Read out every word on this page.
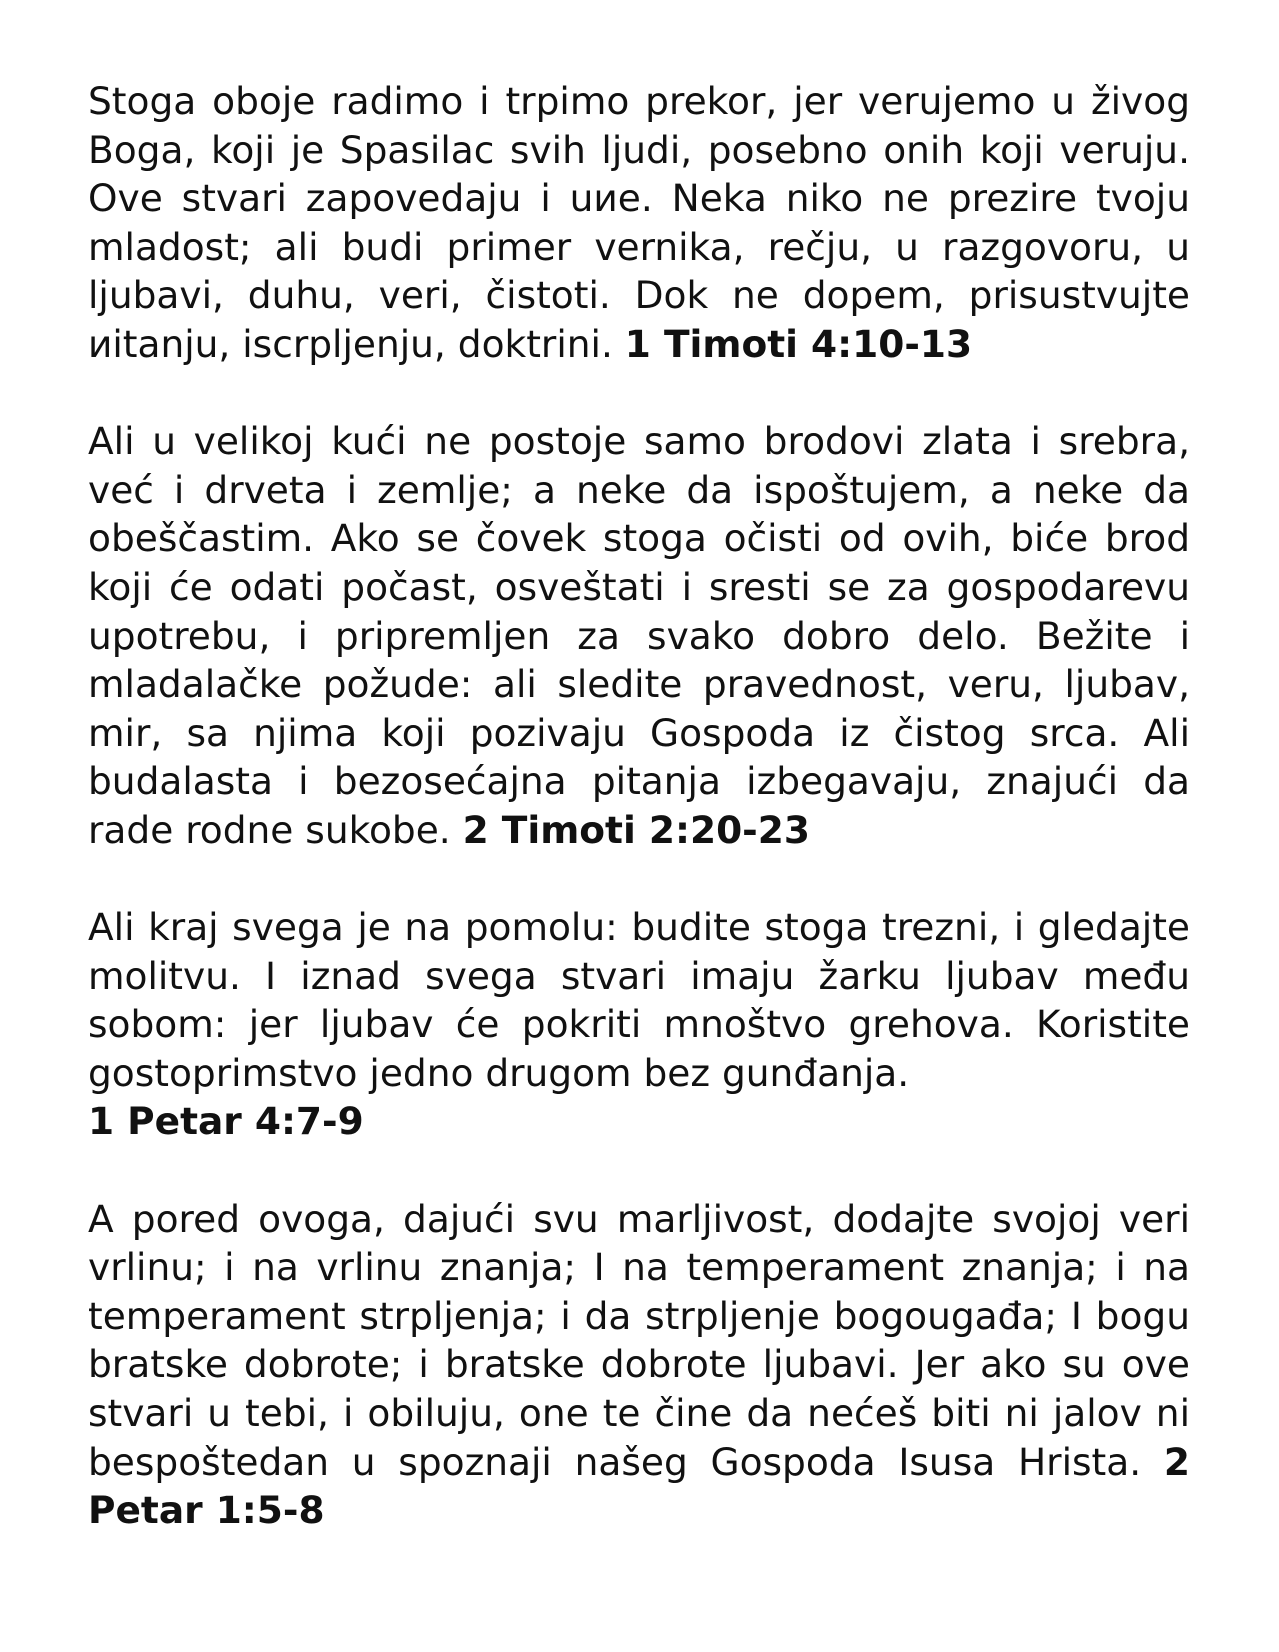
Stoga oboje radimo i trpimo prekor, jer verujemo u živog Boga, koji je Spasilac svih ljudi, posebno onih koji veruju. Ove stvari zapovedaju i uие. Neka niko ne prezire tvoju mladost; ali budi primer vernika, rečju, u razgovoru, u ljubavi, duhu, veri, čistoti. Dok ne dopem, prisustvujte иitanju, iscrpljenju, doktrini. 1 Timoti 4:10-13

Ali u velikoj kući ne postoje samo brodovi zlata i srebra, već i drveta i zemlje; a neke da ispoštujem, a neke da obeščastim. Ako se čovek stoga očisti od ovih, biće brod koji će odati počast, osveštati i sresti se za gospodarevu upotrebu, i pripremljen za svako dobro delo. Bežite i mladalačke požude: ali sledite pravednost, veru, ljubav, mir, sa njima koji pozivaju Gospoda iz čistog srca. Ali budalasta i bezosećajna pitanja izbegavaju, znajući da rade rodne sukobe. 2 Timoti 2:20-23

Ali kraj svega je na pomolu: budite stoga trezni, i gledajte molitvu. I iznad svega stvari imaju žarku ljubav među sobom: jer ljubav će pokriti mnoštvo grehova. Koristite gostoprimstvo jedno drugom bez gunđanja.
1 Petar 4:7-9

A pored ovoga, dajući svu marljivost, dodajte svojoj veri vrlinu; i na vrlinu znanja; I na temperament znanja; i na temperament strpljenja; i da strpljenje bogougađa; I bogu bratske dobrote; i bratske dobrote ljubavi. Jer ako su ove stvari u tebi, i obiluju, one te čine da nećeš biti ni jalov ni bespoštedan u spoznaji našeg Gospoda Isusa Hrista. 2 Petar 1:5-8
